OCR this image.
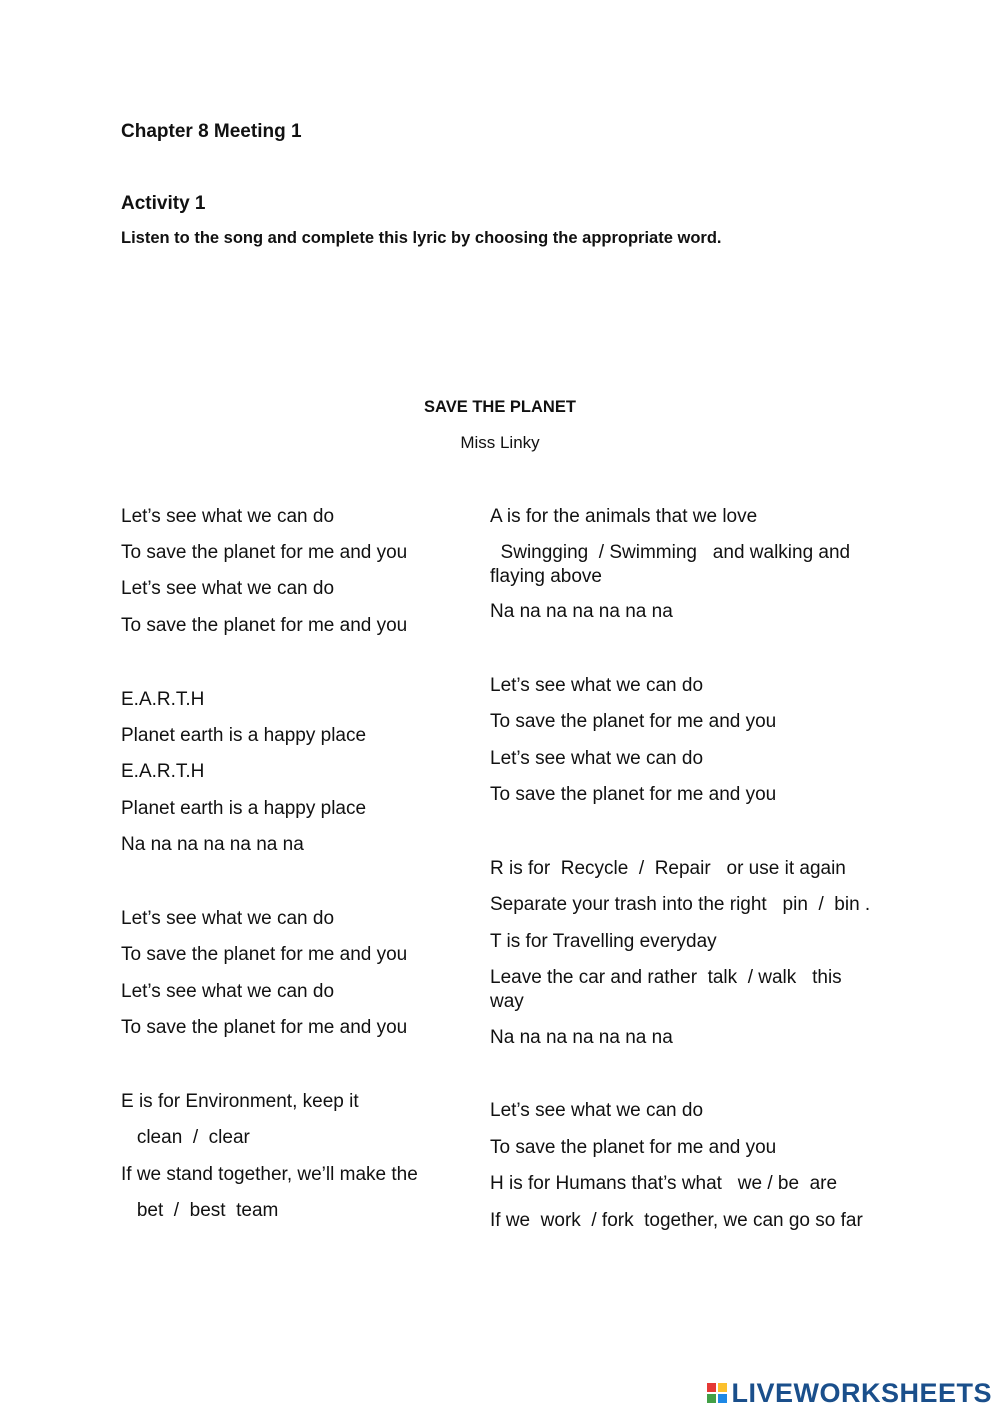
Chapter 8 Meeting 1
Activity 1
Listen to the song and complete this lyric by choosing the appropriate word.
SAVE THE PLANET
Miss Linky
Let’s see what we can do
To save the planet for me and you
Let’s see what we can do
To save the planet for me and you
E.A.R.T.H
Planet earth is a happy place
E.A.R.T.H
Planet earth is a happy place
Na na na na na na na
Let’s see what we can do
To save the planet for me and you
Let’s see what we can do
To save the planet for me and you
E is for Environment, keep it
clean  /  clear
If we stand together, we’ll make the
bet  /  best  team
A is for the animals that we love
Swingging  / Swimming   and walking and
flaying above
Na na na na na na na
Let’s see what we can do
To save the planet for me and you
Let’s see what we can do
To save the planet for me and you
R is for  Recycle  /  Repair   or use it again
Separate your trash into the right   pin  /  bin .
T is for Travelling everyday
Leave the car and rather  talk  / walk   this
way
Na na na na na na na
Let’s see what we can do
To save the planet for me and you
H is for Humans that’s what   we / be  are
If we  work  / fork  together, we can go so far
LIVEWORKSHEETS
